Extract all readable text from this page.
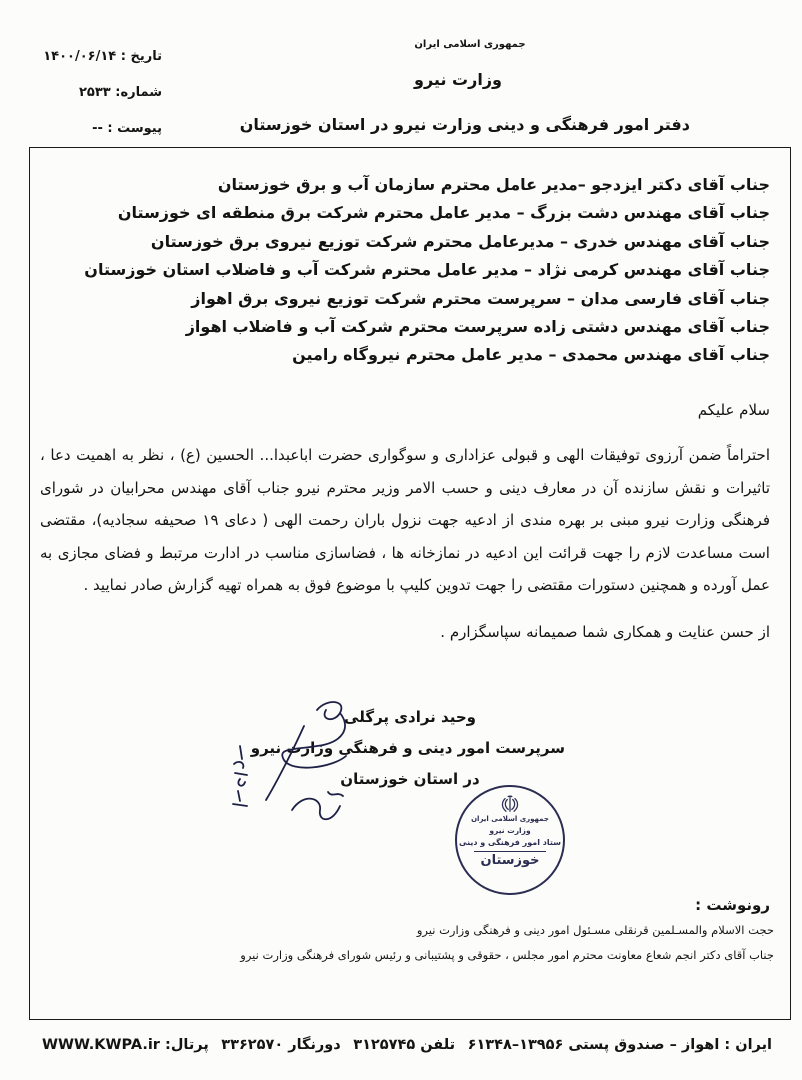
جمهوری اسلامی ایران
وزارت نیرو
دفتر امور فرهنگی و دینی وزارت نیرو در استان خوزستان
تاریخ : ۱۴۰۰/۰۶/۱۴
شماره: ۲۵۳۳
پیوست : --
جناب آقای دکتر ایزدجو –مدیر عامل محترم سازمان آب و برق خوزستان
جناب آقای مهندس دشت بزرگ – مدیر عامل محترم شرکت برق منطقه ای خوزستان
جناب آقای مهندس خدری – مدیرعامل محترم شرکت توزیع نیروی برق خوزستان
جناب آقای مهندس کرمی نژاد – مدیر عامل محترم شرکت آب و فاضلاب استان خوزستان
جناب آقای فارسی مدان – سرپرست محترم شرکت توزیع نیروی برق اهواز
جناب آقای مهندس دشتی زاده سرپرست محترم شرکت آب و فاضلاب اهواز
جناب آقای مهندس محمدی – مدیر عامل محترم نیروگاه رامین
سلام علیکم

احتراماً ضمن آرزوی توفیقات الهی و قبولی عزاداری و سوگواری حضرت اباعبدا... الحسین (ع) ، نظر به اهمیت دعا ، تاثیرات و نقش سازنده آن در معارف دینی و حسب الامر وزیر محترم نیرو جناب آقای مهندس محرابیان در شورای فرهنگی وزارت نیرو مبنی بر بهره مندی از ادعیه جهت نزول باران رحمت الهی ( دعای ۱۹ صحیفه سجادیه)، مقتضی است مساعدت لازم را جهت قرائت این ادعیه در نمازخانه ها ، فضاسازی مناسب در ادارت مرتبط و فضای مجازی به عمل آورده و همچنین دستورات مقتضی را جهت تدوین کلیپ با موضوع فوق به همراه تهیه گزارش صادر نمایید .

از حسن عنایت و همکاری شما صمیمانه سپاسگزارم .
وحید نرادی پرگلی
سرپرست امور دینی و فرهنگی وزارت نیرو
در استان خوزستان
جمهوری اسلامی ایران
وزارت نیرو
ستاد امور فرهنگی و دینی
خوزستان
رونوشت :
حجت الاسلام والمسـلمین قرنقلی مسـئول امور دینی و فرهنگی وزارت نیرو
جناب آقای دکتر انجم شعاع معاونت محترم امور مجلس ، حقوقی و پشتیبانی و رئیس شورای فرهنگی وزارت نیرو
ایران : اهواز – صندوق پستی ۶۱۳۴۸–۱۳۹۵۶
تلفن ۳۱۲۵۷۴۵
دورنگار ۳۳۶۲۵۷۰
پرتال: WWW.KWPA.ir
